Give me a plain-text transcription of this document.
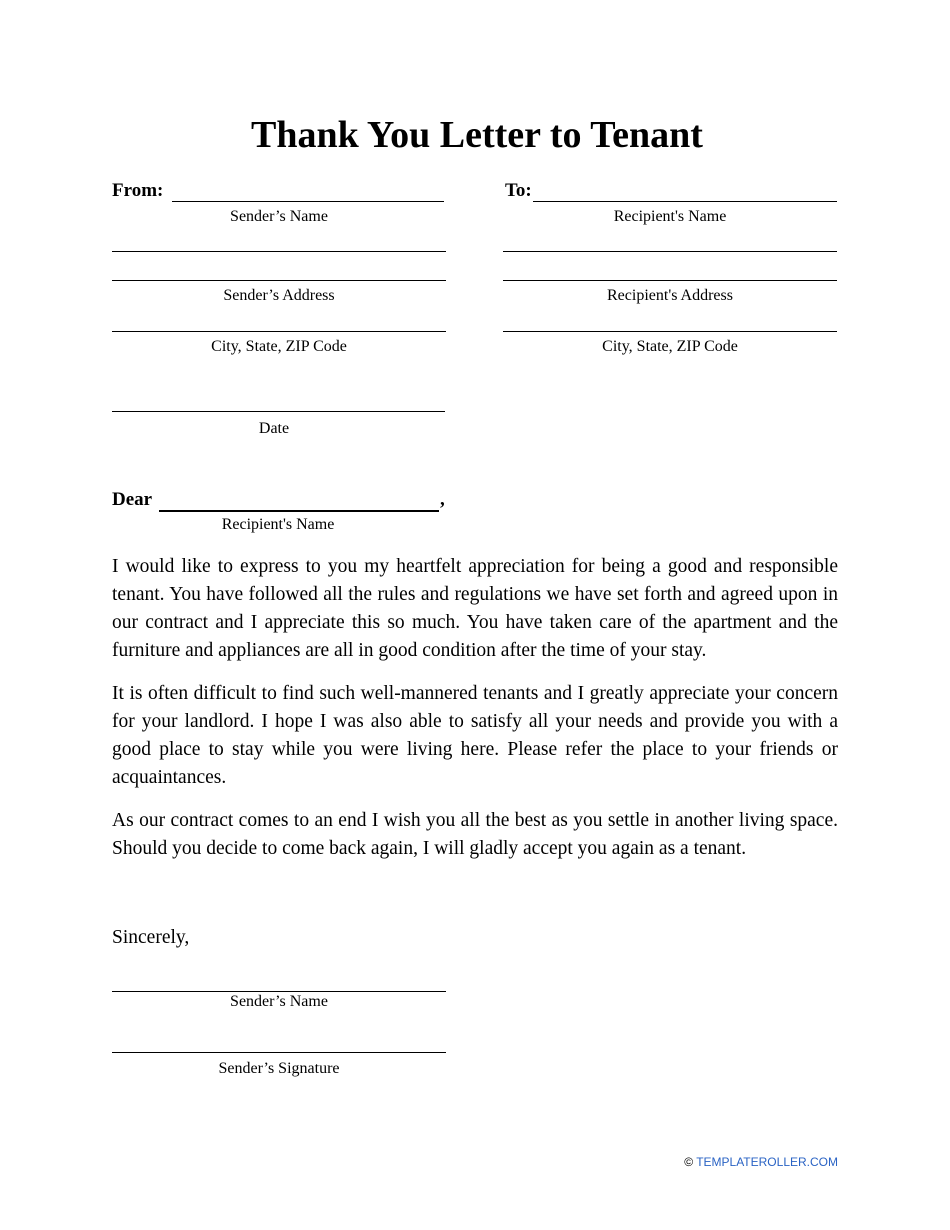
Thank You Letter to Tenant
From:
Sender’s Name
Sender’s Address
City, State, ZIP Code
To:
Recipient's Name
Recipient's Address
City, State, ZIP Code
Date
Dear	,
Recipient's Name
I would like to express to you my heartfelt appreciation for being a good and responsible tenant. You have followed all the rules and regulations we have set forth and agreed upon in our contract and I appreciate this so much. You have taken care of the apartment and the furniture and appliances are all in good condition after the time of your stay.
It is often difficult to find such well-mannered tenants and I greatly appreciate your concern for your landlord. I hope I was also able to satisfy all your needs and provide you with a good place to stay while you were living here. Please refer the place to your friends or acquaintances.
As our contract comes to an end I wish you all the best as you settle in another living space. Should you decide to come back again, I will gladly accept you again as a tenant.
Sincerely,
Sender’s Name
Sender’s Signature
© TEMPLATEROLLER.COM
